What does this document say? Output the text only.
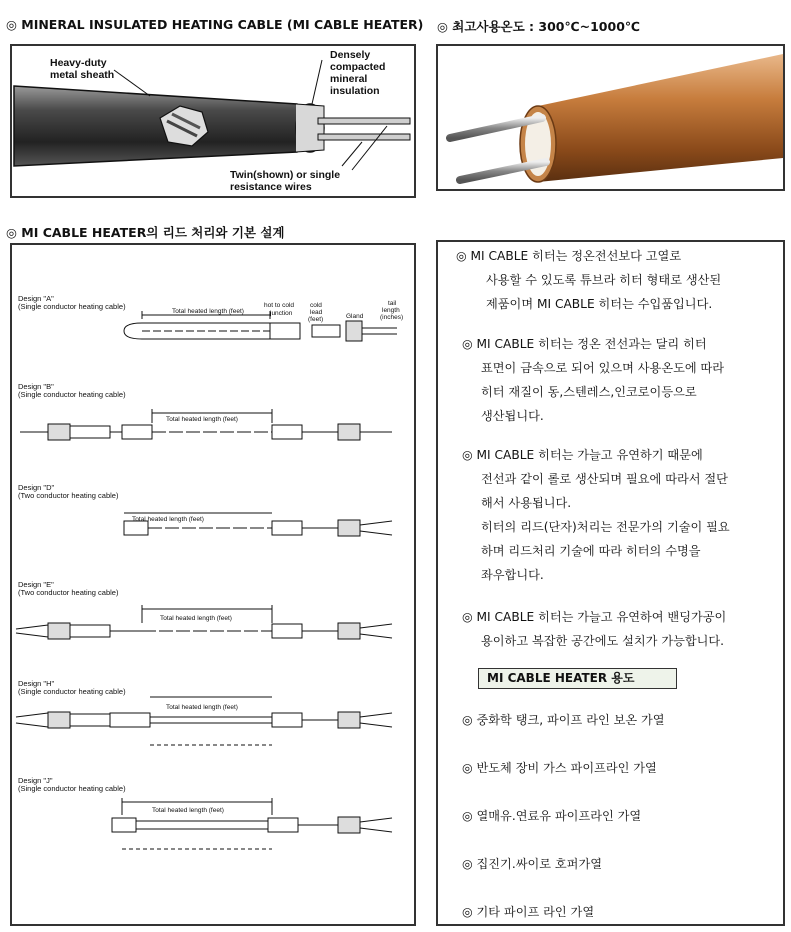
◎ MINERAL INSULATED HEATING CABLE (MI CABLE HEATER) ◎ 최고사용온도 : 300℃~1000℃
◎ MI CABLE HEATER의 리드 처리와 기본 설계
Heavy-duty
metal sheath
Densely
compacted
mineral
insulation
Twin(shown) or single
resistance wires
Design "A"
(Single conductor heating cable)
Design "B"
(Single conductor heating cable)
Design "D"
(Two conductor heating cable)
Design "E"
(Two conductor heating cable)
Design "H"
(Single conductor heating cable)
Design "J"
(Single conductor heating cable)
Total heated length (feet)
hot to cold
junction
cold
lead
(feet)	Gland
tail
length
(inches)
Total heated length (feet)
Total heated length (feet)
Total heated length (feet)
Total heated length (feet)
Total heated length (feet)
◎ MI CABLE 히터는 정온전선보다 고열로
사용할 수 있도록 튜브라 히터 형태로 생산된
제품이며 MI CABLE 히터는 수입품입니다.
◎ MI CABLE 히터는 정온 전선과는 달리 히터
표면이 금속으로 되어 있으며 사용온도에 따라
히터 재질이 동,스텐레스,인코로이등으로
생산됩니다.
◎ MI CABLE 히터는 가늘고 유연하기 때문에
전선과 같이 롤로 생산되며 필요에 따라서 절단
해서 사용됩니다.
히터의 리드(단자)처리는 전문가의 기술이 필요
하며 리드처리 기술에 따라 히터의 수명을
좌우합니다.
◎ MI CABLE 히터는 가늘고 유연하여 밴딩가공이
용이하고 복잡한 공간에도 설치가 가능합니다.
MI CABLE HEATER 용도
◎ 중화학 탱크, 파이프 라인 보온 가열
◎ 반도체 장비 가스 파이프라인 가열
◎ 열매유.연료유 파이프라인 가열
◎ 집진기.싸이로 호퍼가열
◎ 기타 파이프 라인 가열
